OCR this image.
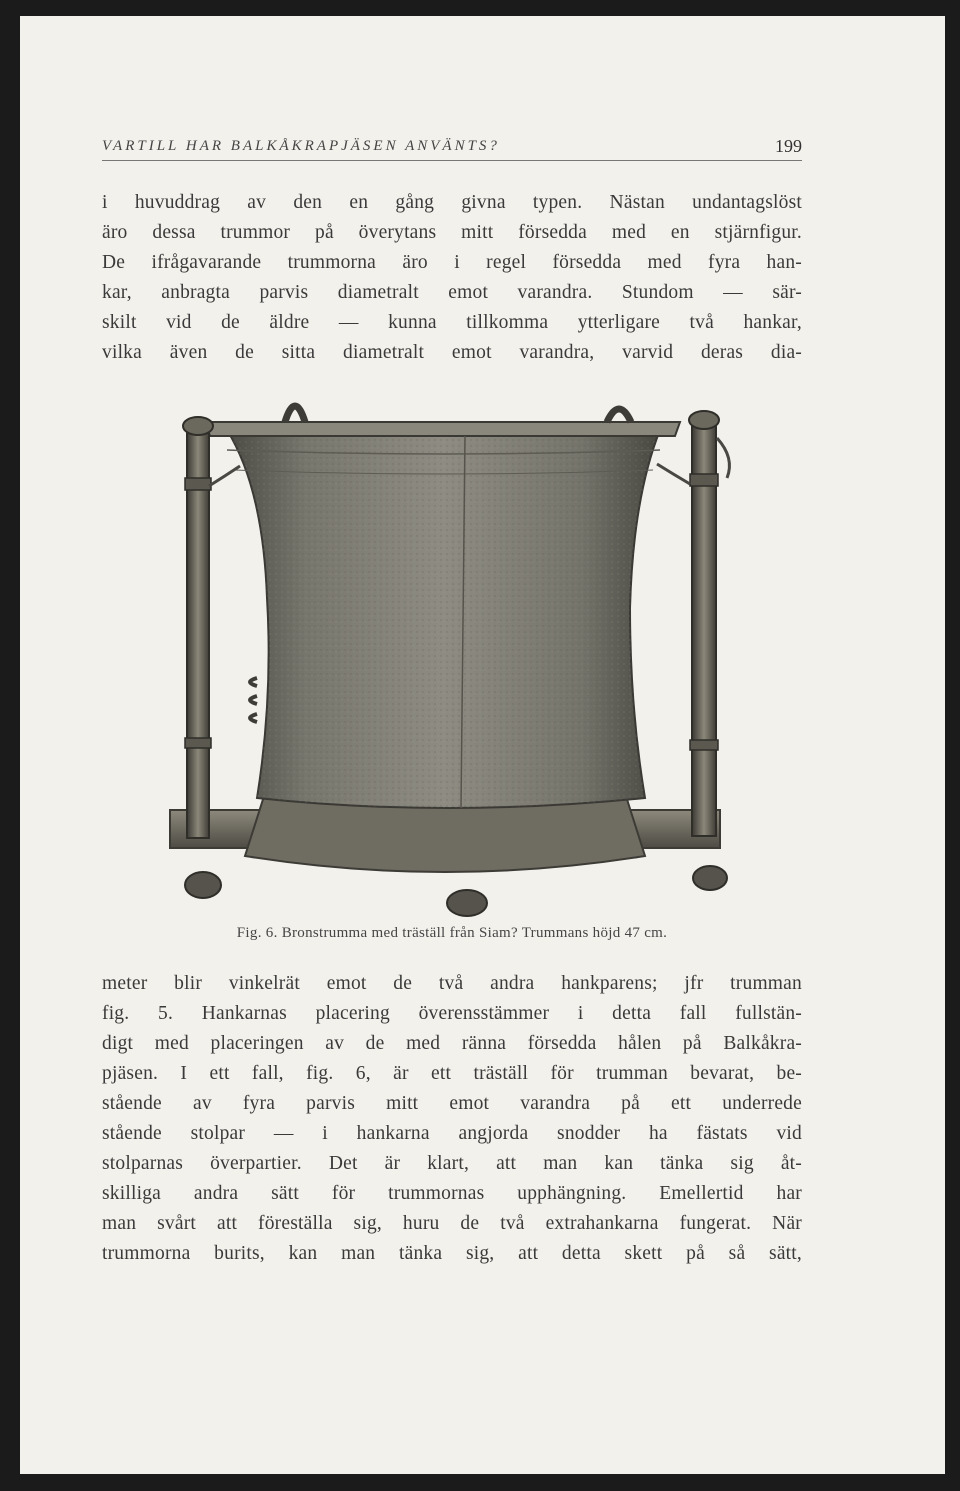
VARTILL HAR BALKÅKRAPJÄSEN ANVÄNTS?	199

i huvuddrag av den en gång givna typen. Nästan undantagslöst
äro dessa trummor på överytans mitt försedda med en stjärnfigur.
De ifrågavarande trummorna äro i regel försedda med fyra han-
kar, anbragta parvis diametralt emot varandra. Stundom — sär-
skilt vid de äldre — kunna tillkomma ytterligare två hankar,
vilka även de sitta diametralt emot varandra, varvid deras dia-

Fig. 6. Bronstrumma med träställ från Siam? Trummans höjd 47 cm.

meter blir vinkelrät emot de två andra hankparens; jfr trumman
fig. 5. Hankarnas placering överensstämmer i detta fall fullstän-
digt med placeringen av de med ränna försedda hålen på Balkåkra-
pjäsen. I ett fall, fig. 6, är ett träställ för trumman bevarat, be-
stående av fyra parvis mitt emot varandra på ett underrede
stående stolpar — i hankarna angjorda snodder ha fästats vid
stolparnas överpartier. Det är klart, att man kan tänka sig åt-
skilliga andra sätt för trummornas upphängning. Emellertid har
man svårt att föreställa sig, huru de två extrahankarna fungerat. När
trummorna burits, kan man tänka sig, att detta skett på så sätt,
